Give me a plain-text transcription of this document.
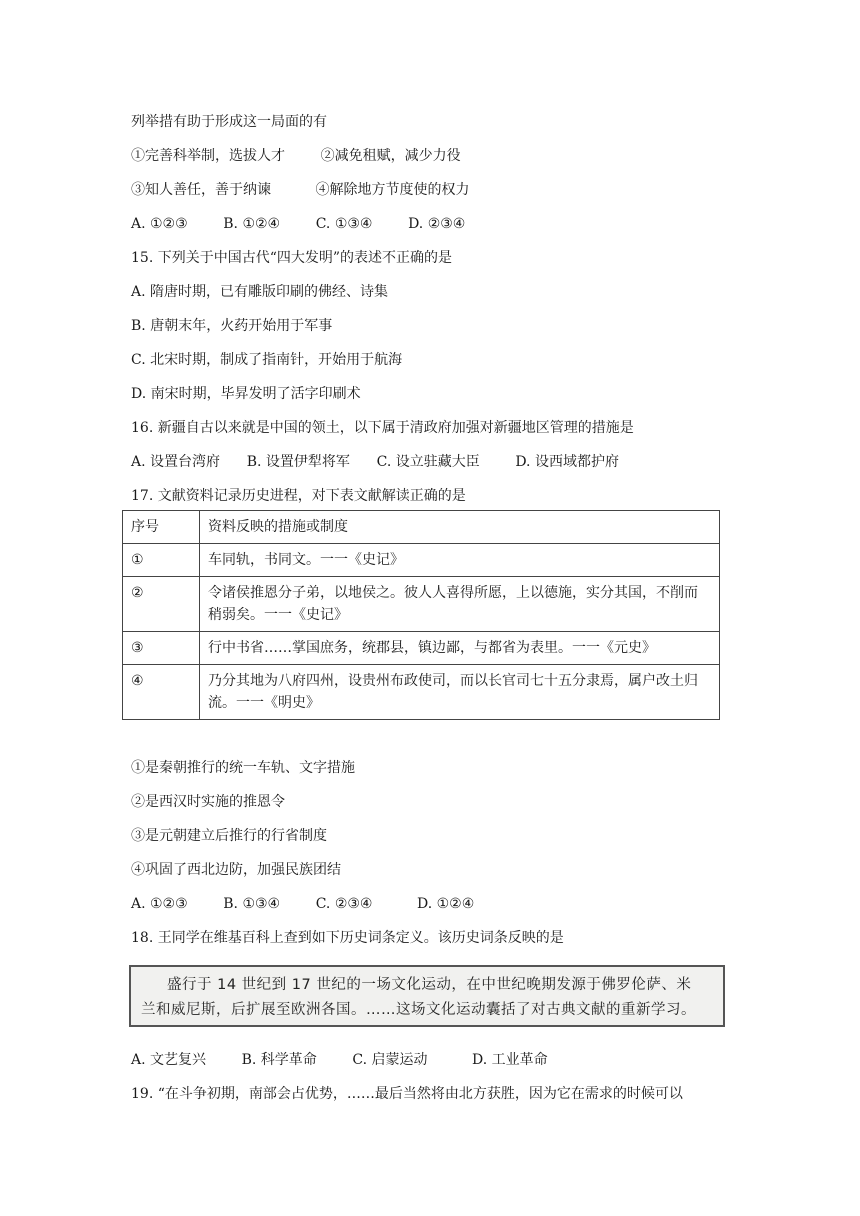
列举措有助于形成这一局面的有
①完善科举制，选拔人才        ②减免租赋，减少力役
③知人善任，善于纳谏          ④解除地方节度使的权力
A. ①②③        B. ①②④        C. ①③④        D. ②③④
15. 下列关于中国古代“四大发明”的表述不正确的是
A. 隋唐时期，已有雕版印刷的佛经、诗集
B. 唐朝末年，火药开始用于军事
C. 北宋时期，制成了指南针，开始用于航海
D. 南宋时期，毕昇发明了活字印刷术
16. 新疆自古以来就是中国的领土，以下属于清政府加强对新疆地区管理的措施是
A. 设置台湾府      B. 设置伊犁将军      C. 设立驻藏大臣        D. 设西域都护府
17. 文献资料记录历史进程，对下表文献解读正确的是
序号	资料反映的措施或制度
①	车同轨，书同文。一一《史记》
②	令诸侯推恩分子弟，以地侯之。彼人人喜得所愿，上以德施，实分其国，不削而稍弱矣。一一《史记》
③	行中书省……掌国庶务，统郡县，镇边鄙，与都省为表里。一一《元史》
④	乃分其地为八府四州，设贵州布政使司，而以长官司七十五分隶焉，属户改土归流。一一《明史》
①是秦朝推行的统一车轨、文字措施
②是西汉时实施的推恩令
③是元朝建立后推行的行省制度
④巩固了西北边防，加强民族团结
A. ①②③        B. ①③④        C. ②③④          D. ①②④
18. 王同学在维基百科上查到如下历史词条定义。该历史词条反映的是
盛行于 14 世纪到 17 世纪的一场文化运动，在中世纪晚期发源于佛罗伦萨、米
兰和威尼斯，后扩展至欧洲各国。……这场文化运动囊括了对古典文献的重新学习。
A. 文艺复兴        B. 科学革命        C. 启蒙运动          D. 工业革命
19. “在斗争初期，南部会占优势，……最后当然将由北方获胜，因为它在需求的时候可以
